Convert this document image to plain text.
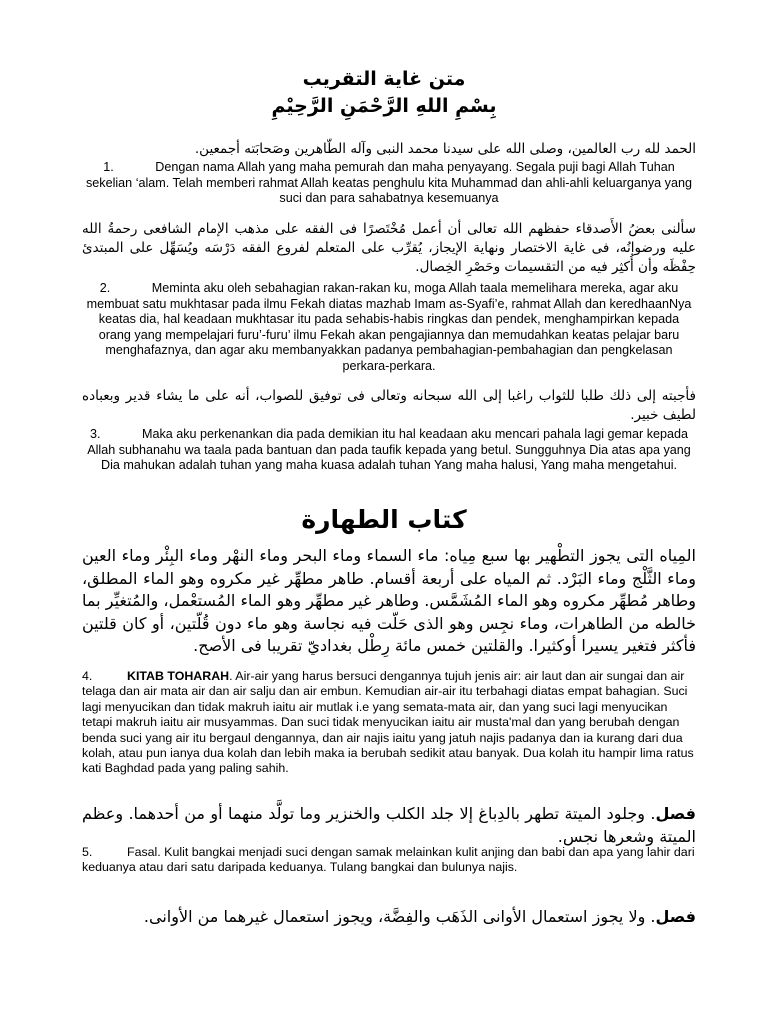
متن غاية التقريب
بِسْمِ اللهِ الرَّحْمَنِ الرَّحِيْمِ

الحمد لله رب العالمين، وصلى الله على سيدنا محمد النبى وآله الطّاهرين وصَحابَته أجمعين.

1.	Dengan nama Allah yang maha pemurah dan maha penyayang. Segala puji bagi Allah Tuhan sekelian ‘alam. Telah memberi rahmat Allah keatas penghulu kita Muhammad dan ahli-ahli keluarganya yang suci dan para sahabatnya kesemuanya

سألنى بعضُ الأَصدقاء حفظهم الله تعالى أن أعمل مُخْتَصرًا فى الفقه على مذهب الإمام الشافعى رحمةُ الله عليه ورضوانُه، فى غاية الاختصار ونهاية الإيجاز، يُقرِّب على المتعلم لفروع الفقه دَرْسَه ويُسَهِّل على المبتدئ حِفْظَه وأن أُكثِر فيه من التقسيمات وحَصْرِ الخِصال.

2.	Meminta aku oleh sebahagian rakan-rakan ku, moga Allah taala memelihara mereka, agar aku membuat satu mukhtasar pada ilmu Fekah diatas mazhab Imam as-Syafi’e, rahmat Allah dan keredhaanNya keatas dia, hal keadaan mukhtasar itu pada sehabis-habis ringkas dan pendek, menghampirkan kepada orang yang mempelajari furu’-furu’ ilmu Fekah akan pengajiannya dan memudahkan keatas pelajar baru menghafaznya, dan agar aku membanyakkan padanya pembahagian-pembahagian dan pengkelasan perkara-perkara.

فأجبته إلى ذلك طلبا للثواب راغبا إلى الله سبحانه وتعالى فى توفيق للصواب، أنه على ما يشاء قدير وبعباده لطيف خبير.

3.	Maka aku perkenankan dia pada demikian itu hal keadaan aku mencari pahala lagi gemar kepada Allah subhanahu wa taala pada bantuan dan pada taufik kepada yang betul. Sungguhnya Dia atas apa yang Dia mahukan adalah tuhan yang maha kuasa adalah tuhan Yang maha halusi, Yang maha mengetahui.

كتاب الطهارة

المِياه التى يجوز التطْهير بها سبع مِياه: ماء السماء وماء البحر وماء النهْر وماء البِئْر وماء العين وماء الثَّلْج وماء البَرْد. ثم المياه على أربعة أقسام. طاهر مطهِّر غير مكروه وهو الماء المطلق، وطاهر مُطهِّر مكروه وهو الماء المُشَمَّس. وطاهر غير مطهِّر وهو الماء المُستعْمل، والمُتغيِّر بما خالطه من الطاهرات، وماء نجِس وهو الذى حَلّت فيه نجاسة وهو ماء دون قُلّتين، أو كان قلتين فأكثر فتغير يسيرا أوكثيرا. والقلتين خمس مائة رِطْل بغداديّ تقريبا فى الأصح.

4.	KITAB TOHARAH. Air-air yang harus bersuci dengannya tujuh jenis air: air laut dan air sungai dan air telaga dan air mata air dan air salju dan air embun. Kemudian air-air itu terbahagi diatas empat bahagian. Suci lagi menyucikan dan tidak makruh iaitu air mutlak i.e yang semata-mata air, dan yang suci lagi menyucikan tetapi makruh iaitu air musyammas. Dan suci tidak menyucikan iaitu air musta'mal dan yang berubah dengan benda suci yang air itu bergaul dengannya, dan air najis iaitu yang jatuh najis padanya dan ia kurang dari dua kolah, atau pun ianya dua kolah dan lebih maka ia berubah sedikit atau banyak. Dua kolah itu hampir lima ratus kati Baghdad pada yang paling sahih.

فصل. وجلود الميتة تطهر بالدِباغ إلا جلد الكلب والخنزير وما تولَّد منهما أو من أحدهما. وعظم الميتة وشعرها نجس.

5.	Fasal. Kulit bangkai menjadi suci dengan samak melainkan kulit anjing dan babi dan apa yang lahir dari keduanya atau dari satu daripada keduanya. Tulang bangkai dan bulunya najis.

فصل. ولا يجوز استعمال الأوانى الذَهَب والفِضَّة، ويجوز استعمال غيرهما من الأوانى.
